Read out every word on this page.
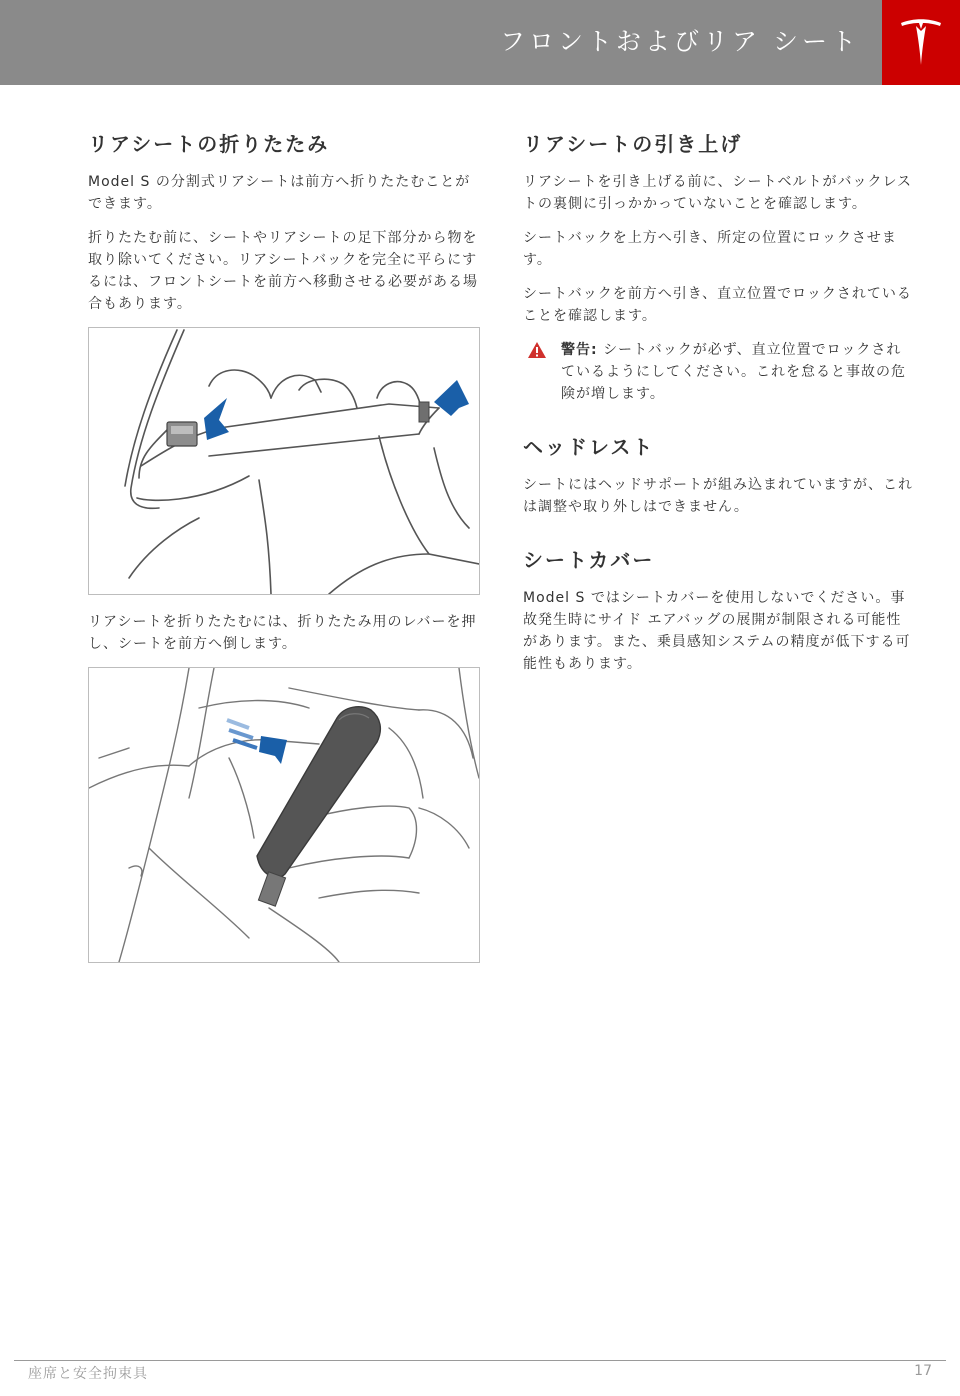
フロントおよびリア シート
リアシートの折りたたみ

Model S の分割式リアシートは前方へ折りたたむことができます。

折りたたむ前に、シートやリアシートの足下部分から物を取り除いてください。リアシートバックを完全に平らにするには、フロントシートを前方へ移動させる必要がある場合もあります。

リアシートを折りたたむには、折りたたみ用のレバーを押し、シートを前方へ倒します。

リアシートの引き上げ

リアシートを引き上げる前に、シートベルトがバックレストの裏側に引っかかっていないことを確認します。

シートバックを上方へ引き、所定の位置にロックさせます。

シートバックを前方へ引き、直立位置でロックされていることを確認します。

警告: シートバックが必ず、直立位置でロックされているようにしてください。これを怠ると事故の危険が増します。

ヘッドレスト

シートにはヘッドサポートが組み込まれていますが、これは調整や取り外しはできません。

シートカバー

Model S ではシートカバーを使用しないでください。事故発生時にサイド エアバッグの展開が制限される可能性があります。また、乗員感知システムの精度が低下する可能性もあります。

座席と安全拘束具	17
